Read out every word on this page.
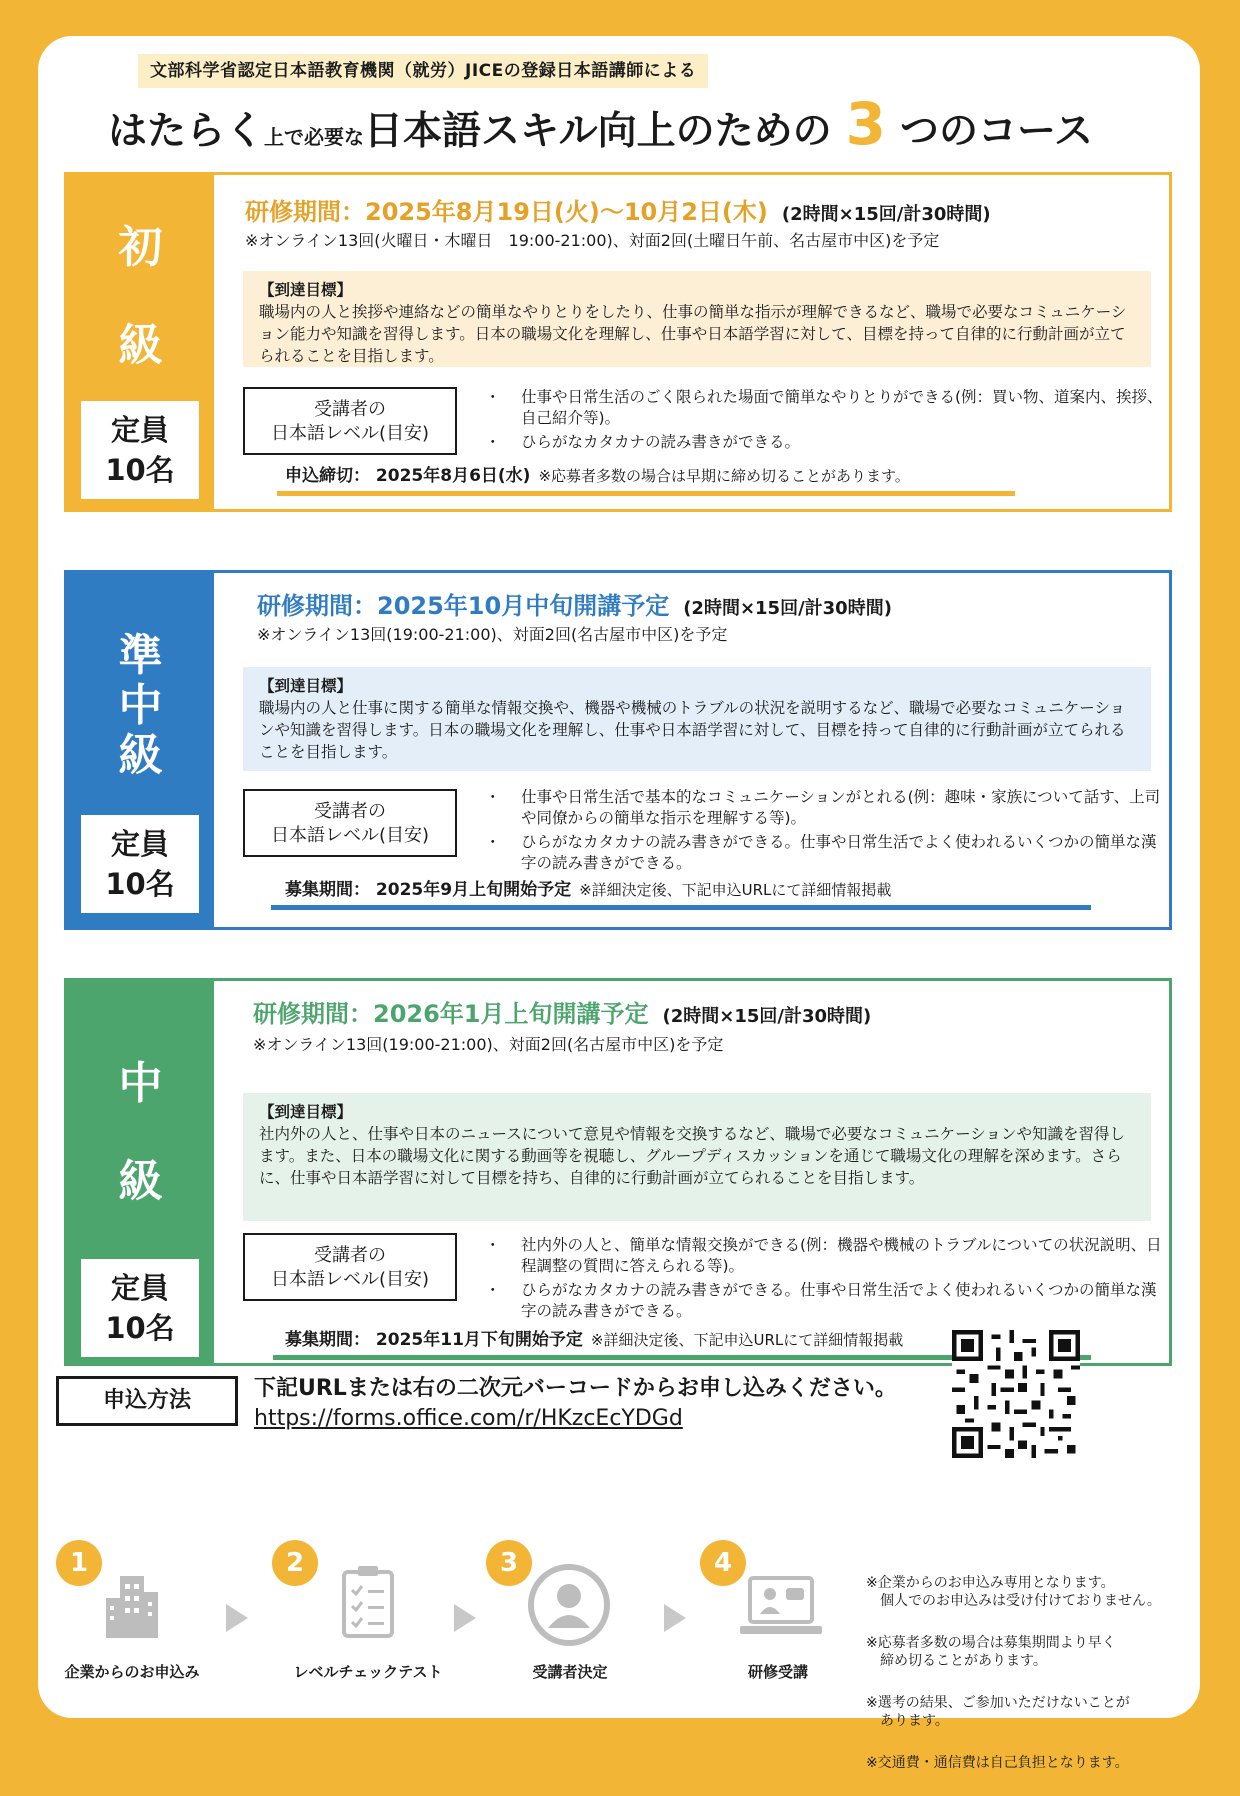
文部科学省認定日本語教育機関（就労）JICEの登録日本語講師による
はたらく上で必要な日本語スキル向上のための 3 つのコース
初
級
定員
10名
研修期間：2025年8月19日(火)～10月2日(木) (2時間×15回/計30時間)
※オンライン13回(火曜日・木曜日　19:00-21:00)、対面2回(土曜日午前、名古屋市中区)を予定
【到達目標】
職場内の人と挨拶や連絡などの簡単なやりとりをしたり、仕事の簡単な指示が理解できるなど、職場で必要なコミュニケーション能力や知識を習得します。日本の職場文化を理解し、仕事や日本語学習に対して、目標を持って自律的に行動計画が立てられることを目指します。
受講者の
日本語レベル(目安)
・ 仕事や日常生活のごく限られた場面で簡単なやりとりができる(例：買い物、道案内、挨拶、自己紹介等)。
・ ひらがなカタカナの読み書きができる。
申込締切： 2025年8月6日(水) ※応募者多数の場合は早期に締め切ることがあります。
準
中
級
定員
10名
研修期間：2025年10月中旬開講予定 (2時間×15回/計30時間)
※オンライン13回(19:00-21:00)、対面2回(名古屋市中区)を予定
【到達目標】
職場内の人と仕事に関する簡単な情報交換や、機器や機械のトラブルの状況を説明するなど、職場で必要なコミュニケーションや知識を習得します。日本の職場文化を理解し、仕事や日本語学習に対して、目標を持って自律的に行動計画が立てられることを目指します。
受講者の
日本語レベル(目安)
・ 仕事や日常生活で基本的なコミュニケーションがとれる(例：趣味・家族について話す、上司や同僚からの簡単な指示を理解する等)。
・ ひらがなカタカナの読み書きができる。仕事や日常生活でよく使われるいくつかの簡単な漢字の読み書きができる。
募集期間： 2025年9月上旬開始予定 ※詳細決定後、下記申込URLにて詳細情報掲載
中
級
定員
10名
研修期間：2026年1月上旬開講予定 (2時間×15回/計30時間)
※オンライン13回(19:00-21:00)、対面2回(名古屋市中区)を予定
【到達目標】
社内外の人と、仕事や日本のニュースについて意見や情報を交換するなど、職場で必要なコミュニケーションや知識を習得します。また、日本の職場文化に関する動画等を視聴し、グループディスカッションを通じて職場文化の理解を深めます。さらに、仕事や日本語学習に対して目標を持ち、自律的に行動計画が立てられることを目指します。
受講者の
日本語レベル(目安)
・ 社内外の人と、簡単な情報交換ができる(例：機器や機械のトラブルについての状況説明、日程調整の質問に答えられる等)。
・ ひらがなカタカナの読み書きができる。仕事や日常生活でよく使われるいくつかの簡単な漢字の読み書きができる。
募集期間： 2025年11月下旬開始予定 ※詳細決定後、下記申込URLにて詳細情報掲載
申込方法	下記URLまたは右の二次元バーコードからお申し込みください。
https://forms.office.com/r/HKzcEcYDGd
1
企業からのお申込み
2
レベルチェックテスト
3
受講者決定
4
研修受講

※企業からのお申込み専用となります。
　個人でのお申込みは受け付けておりません。

※応募者多数の場合は募集期間より早く
　締め切ることがあります。

※選考の結果、ご参加いただけないことが
　あります。

※交通費・通信費は自己負担となります。
